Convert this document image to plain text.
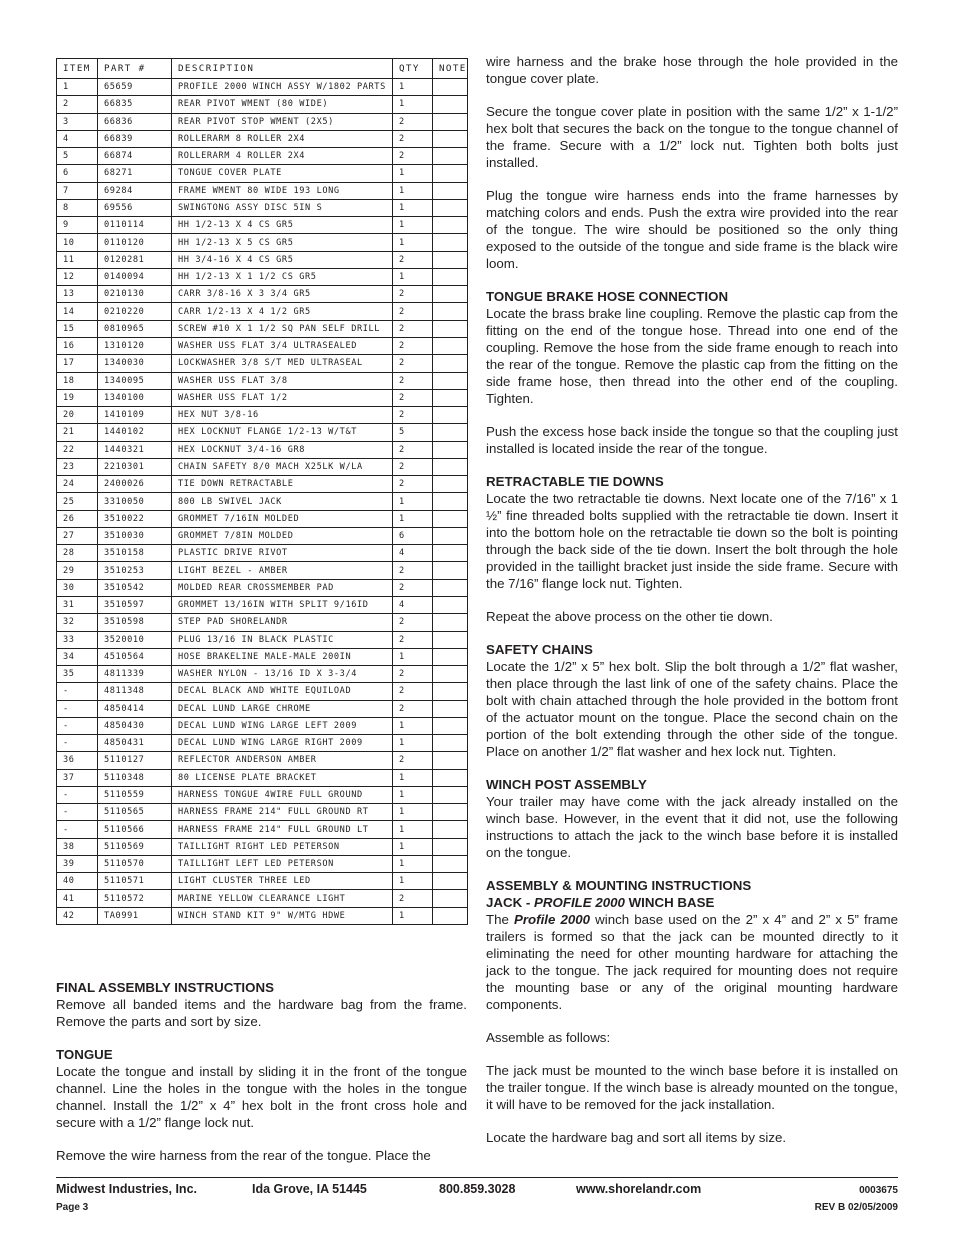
ITEM	PART #	DESCRIPTION	QTY	NOTE
1	65659	PROFILE 2000 WINCH ASSY W/1802 PARTS	1	
2	66835	REAR PIVOT WMENT (80 WIDE)	1	
3	66836	REAR PIVOT STOP WMENT (2X5)	2	
4	66839	ROLLERARM 8 ROLLER 2X4	2	
5	66874	ROLLERARM 4 ROLLER 2X4	2	
6	68271	TONGUE COVER PLATE	1	
7	69284	FRAME WMENT 80 WIDE 193 LONG	1	
8	69556	SWINGTONG ASSY DISC 5IN S	1	
9	0110114	HH 1/2-13 X 4 CS GR5	1	
10	0110120	HH 1/2-13 X 5 CS GR5	1	
11	0120281	HH 3/4-16 X 4 CS GR5	2	
12	0140094	HH 1/2-13 X 1 1/2 CS GR5	1	
13	0210130	CARR 3/8-16 X 3 3/4 GR5	2	
14	0210220	CARR 1/2-13 X 4 1/2 GR5	2	
15	0810965	SCREW #10 X 1 1/2 SQ PAN SELF DRILL	2	
16	1310120	WASHER USS FLAT 3/4 ULTRASEALED	2	
17	1340030	LOCKWASHER 3/8 S/T MED ULTRASEAL	2	
18	1340095	WASHER USS FLAT 3/8	2	
19	1340100	WASHER USS FLAT 1/2	2	
20	1410109	HEX NUT 3/8-16	2	
21	1440102	HEX LOCKNUT FLANGE 1/2-13 W/T&T	5	
22	1440321	HEX LOCKNUT 3/4-16 GR8	2	
23	2210301	CHAIN SAFETY 8/0 MACH X25LK W/LA	2	
24	2400026	TIE DOWN RETRACTABLE	2	
25	3310050	800 LB SWIVEL JACK	1	
26	3510022	GROMMET 7/16IN MOLDED	1	
27	3510030	GROMMET 7/8IN MOLDED	6	
28	3510158	PLASTIC DRIVE RIVOT	4	
29	3510253	LIGHT BEZEL - AMBER	2	
30	3510542	MOLDED REAR CROSSMEMBER PAD	2	
31	3510597	GROMMET 13/16IN WITH SPLIT 9/16ID	4	
32	3510598	STEP PAD SHORELANDR	2	
33	3520010	PLUG 13/16 IN BLACK PLASTIC	2	
34	4510564	HOSE BRAKELINE MALE-MALE 200IN	1	
35	4811339	WASHER NYLON - 13/16 ID X 3-3/4	2	
-	4811348	DECAL BLACK AND WHITE EQUILOAD	2	
-	4850414	DECAL LUND LARGE CHROME	2	
-	4850430	DECAL LUND WING LARGE LEFT 2009	1	
-	4850431	DECAL LUND WING LARGE RIGHT 2009	1	
36	5110127	REFLECTOR ANDERSON AMBER	2	
37	5110348	80 LICENSE PLATE BRACKET	1	
-	5110559	HARNESS TONGUE 4WIRE FULL GROUND	1	
-	5110565	HARNESS FRAME 214" FULL GROUND RT	1	
-	5110566	HARNESS FRAME 214" FULL GROUND LT	1	
38	5110569	TAILLIGHT RIGHT LED PETERSON	1	
39	5110570	TAILLIGHT LEFT LED PETERSON	1	
40	5110571	LIGHT CLUSTER THREE LED	1	
41	5110572	MARINE YELLOW CLEARANCE LIGHT	2	
42	TA0991	WINCH STAND KIT 9" W/MTG HDWE	1	

FINAL ASSEMBLY INSTRUCTIONS

Remove all banded items and the hardware bag from the frame. Remove the parts and sort by size.

TONGUE

Locate the tongue and install by sliding it in the front of the tongue channel. Line the holes in the tongue with the holes in the tongue channel. Install the 1/2” x 4” hex bolt in the front cross hole and secure with a 1/2” flange lock nut.

Remove the wire harness from the rear of the tongue. Place the

wire harness and the brake hose through the hole provided in the tongue cover plate.

Secure the tongue cover plate in position with the same 1/2” x 1-1/2” hex bolt that secures the back on the tongue to the tongue channel of the frame. Secure with a 1/2” lock nut. Tighten both bolts just installed.

Plug the tongue wire harness ends into the frame harnesses by matching colors and ends. Push the extra wire provided into the rear of the tongue. The wire should be positioned so the only thing exposed to the outside of the tongue and side frame is the black wire loom.

TONGUE BRAKE HOSE CONNECTION

Locate the brass brake line coupling. Remove the plastic cap from the fitting on the end of the tongue hose. Thread into one end of the coupling. Remove the hose from the side frame enough to reach into the rear of the tongue. Remove the plastic cap from the fitting on the side frame hose, then thread into the other end of the coupling. Tighten.

Push the excess hose back inside the tongue so that the coupling just installed is located inside the rear of the tongue.

RETRACTABLE TIE DOWNS

Locate the two retractable tie downs. Next locate one of the 7/16” x 1 ½” fine threaded bolts supplied with the retractable tie down. Insert it into the bottom hole on the retractable tie down so the bolt is pointing through the back side of the tie down. Insert the bolt through the hole provided in the taillight bracket just inside the side frame. Secure with the 7/16” flange lock nut. Tighten.

Repeat the above process on the other tie down.

SAFETY CHAINS

Locate the 1/2” x 5” hex bolt. Slip the bolt through a 1/2” flat washer, then place through the last link of one of the safety chains. Place the bolt with chain attached through the hole provided in the bottom front of the actuator mount on the tongue. Place the second chain on the portion of the bolt extending through the other side of the tongue. Place on another 1/2” flat washer and hex lock nut. Tighten.

WINCH POST ASSEMBLY

Your trailer may have come with the jack already installed on the winch base. However, in the event that it did not, use the following instructions to attach the jack to the winch base before it is installed on the tongue.

ASSEMBLY & MOUNTING INSTRUCTIONS

JACK - PROFILE 2000 WINCH BASE

The Profile 2000 winch base used on the 2” x 4” and 2” x 5” frame trailers is formed so that the jack can be mounted directly to it eliminating the need for other mounting hardware for attaching the jack to the tongue. The jack required for mounting does not require the mounting base or any of the original mounting hardware components.

Assemble as follows:

The jack must be mounted to the winch base before it is installed on the trailer tongue. If the winch base is already mounted on the tongue, it will have to be removed for the jack installation.

Locate the hardware bag and sort all items by size.

Midwest Industries, Inc.	Ida Grove, IA 51445	800.859.3028	www.shorelandr.com	0003675
Page 3	REV B 02/05/2009
